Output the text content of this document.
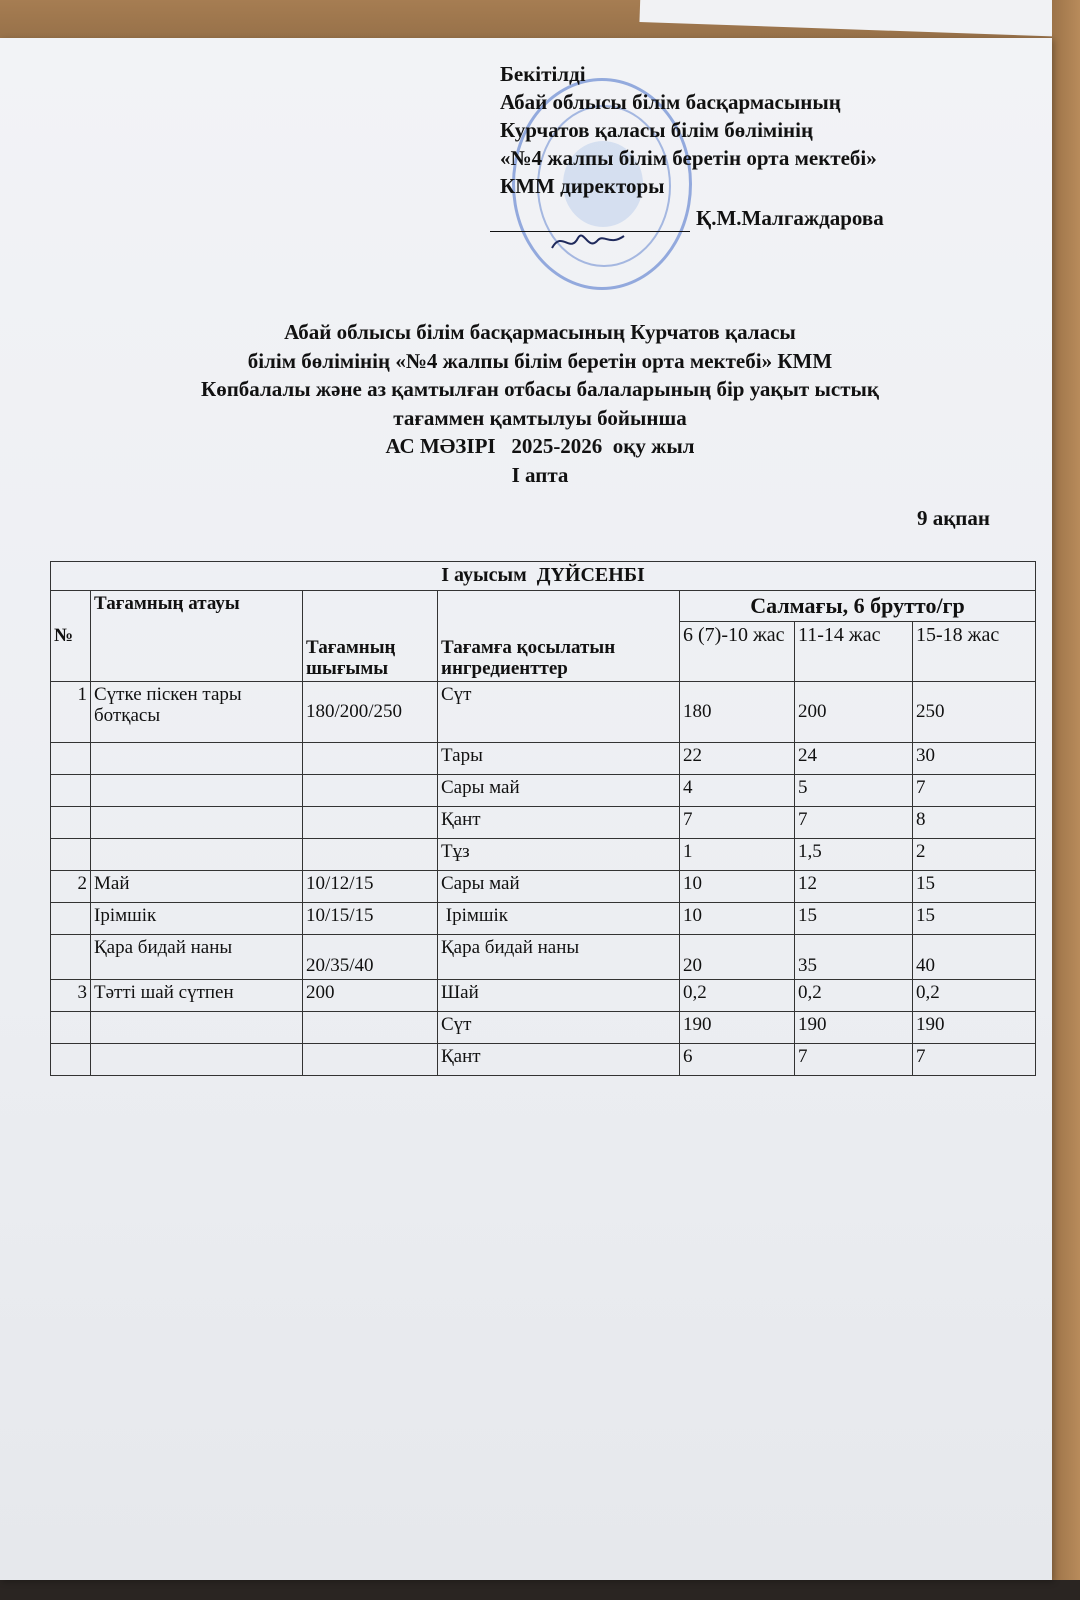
Бекітілді
Абай облысы білім басқармасының
Курчатов қаласы білім бөлімінің
«№4 жалпы білім беретін орта мектебі»
КММ директоры
Қ.М.Малгаждарова
Абай облысы білім басқармасының Курчатов қаласы
білім бөлімінің «№4 жалпы білім беретін орта мектебі» КММ
Көпбалалы және аз қамтылған отбасы балаларының бір уақыт ыстық
тағаммен қамтылуы бойынша
АС МӘЗІРІ   2025-2026  оқу жыл
І апта
9 ақпан
І ауысым  ДҮЙСЕНБІ						
№	Тағамның атауы	Тағамның шығымы	Тағамға қосылатын ингредиенттер	Салмағы, 6 брутто/гр		
				6 (7)-10 жас	11-14 жас	15-18 жас
1	Сүтке піскен тары ботқасы	180/200/250	Сүт	180	200	250
			Тары	22	24	30
			Сары май	4	5	7
			Қант	7	7	8
			Тұз	1	1,5	2
2	Май	10/12/15	Сары май	10	12	15
	Ірімшік	10/15/15	Ірімшік	10	15	15
	Қара бидай наны	20/35/40	Қара бидай наны	20	35	40
3	Тәтті шай сүтпен	200	Шай	0,2	0,2	0,2
			Сүт	190	190	190
			Қант	6	7	7
